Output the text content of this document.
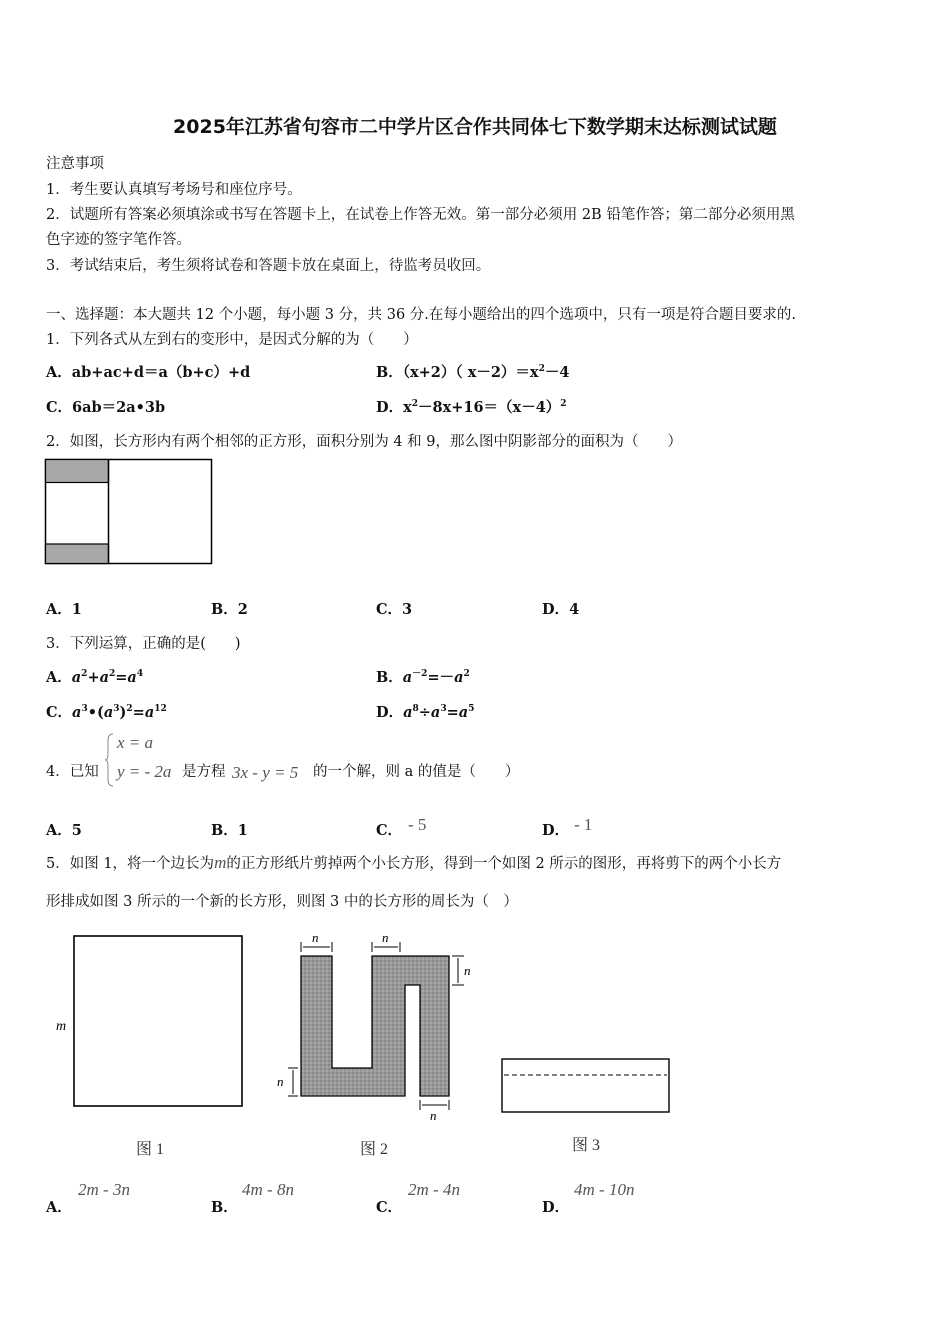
2025年江苏省句容市二中学片区合作共同体七下数学期末达标测试试题
注意事项
1．考生要认真填写考场号和座位序号。
2．试题所有答案必须填涂或书写在答题卡上，在试卷上作答无效。第一部分必须用 2B 铅笔作答；第二部分必须用黑
色字迹的签字笔作答。
3．考试结束后，考生须将试卷和答题卡放在桌面上，待监考员收回。
一、选择题：本大题共 12 个小题，每小题 3 分，共 36 分.在每小题给出的四个选项中，只有一项是符合题目要求的.
1．下列各式从左到右的变形中，是因式分解的为（　　）
A．ab+ac+d＝a（b+c）+d	B．（x+2）（ $x-2)=x^2-4$
C．6ab＝2a•3b	D．$x^2-8x+16=(x-4)^2$
2．如图，长方形内有两个相邻的正方形，面积分别为 4 和 9，那么图中阴影部分的面积为（　　）
A．1	B．2	C．3	D．4
3．下列运算，正确的是(　　)
A．$a^2+a^2=a^4$	B．$a^{-2}=-a^2$
C．$a^3•(a^3)^2=a^{12}$	D．$a^8\div a^3=a^5$
4．已知
x = a
y = - 2a 是方程 3x - y = 5 的一个解，则 a 的值是（　　）
A．5	B．1	C． - 5	D． - 1
5．如图 1，将一个边长为m的正方形纸片剪掉两个小长方形，得到一个如图 2 所示的图形，再将剪下的两个小长方
形排成如图 3 所示的一个新的长方形，则图 3 中的长方形的周长为（　）
m
图 1
n	n
n
n
n
图 2	图 3
A．
2m - 3n
B．
4m - 8n
C．
2m - 4n
D．
4m - 10n
